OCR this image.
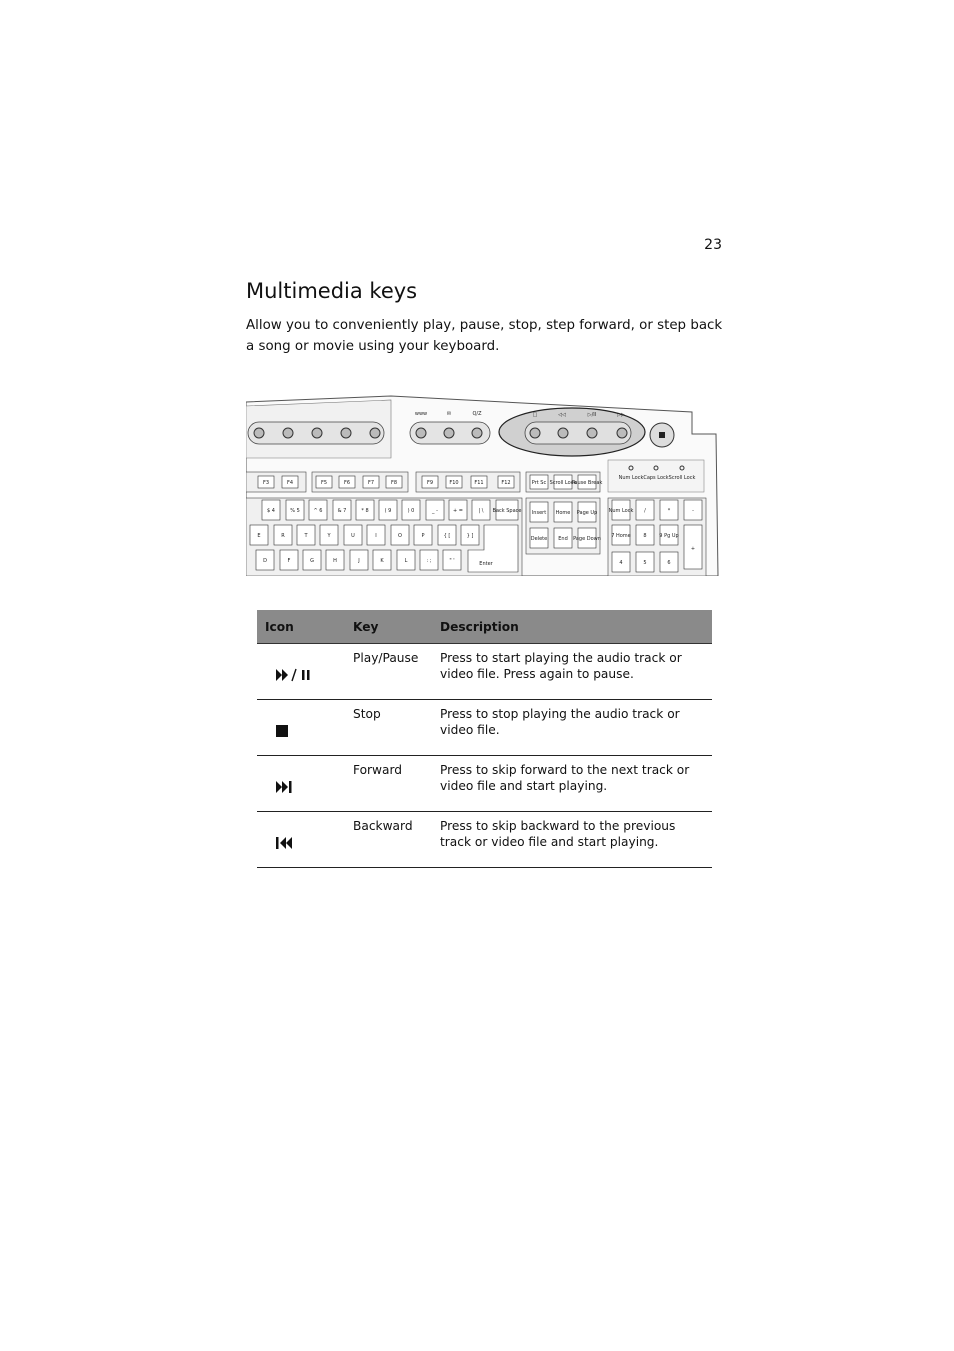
23
Multimedia keys

Allow you to conveniently play, pause, stop, step forward, or step back a song or movie using your keyboard.

www	✉	Q/Z	□	◁◁	▷/II	▷▷
Num Lock Caps Lock Scroll Lock
F3	F4	F5	F6	F7	F8	F9	F10	F11	F12	Prt Sc Scroll Lock
Pause Break
$ 4	% 5	^ 6	& 7	* 8	( 9	) 0	_ -	+ =	| \ Back Space
E	R	T	Y	U	I	O	P	{ [	} ]
Enter
D	F	G	H	J	K	L	: ;	" '
Insert Home Page Up
Delete End Page Down
Num Lock /	*	-
7 Home	8	9 Pg Up
+
4	5	6
Icon	Key	Description
	Play/Pause	Press to start playing the audio track or video file. Press again to pause.
	Stop	Press to stop playing the audio track or video file.
	Forward	Press to skip forward to the next track or video file and start playing.
	Backward	Press to skip backward to the previous track or video file and start playing.
